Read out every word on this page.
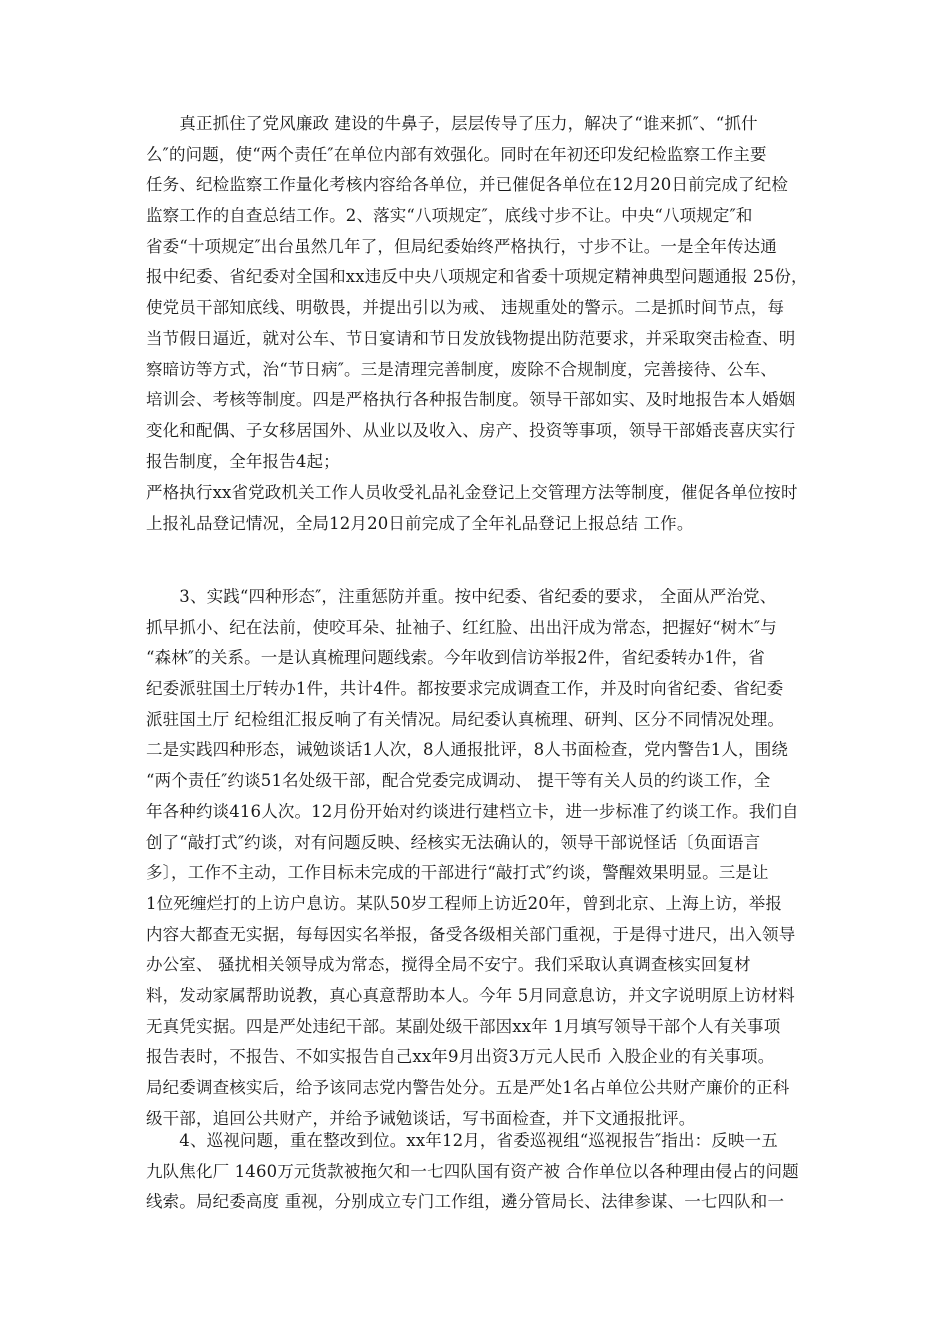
　　真正抓住了党风廉政 建设的牛鼻子，层层传导了压力，解决了“谁来抓″、“抓什
么″的问题，使“两个责任″在单位内部有效强化。同时在年初还印发纪检监察工作主要
任务、纪检监察工作量化考核内容给各单位，并已催促各单位在12月20日前完成了纪检
监察工作的自查总结工作。2、落实“八项规定″，底线寸步不让。中央“八项规定″和
省委“十项规定″出台虽然几年了，但局纪委始终严格执行，寸步不让。一是全年传达通
报中纪委、省纪委对全国和xx违反中央八项规定和省委十项规定精神典型问题通报 25份，
使党员干部知底线、明敬畏，并提出引以为戒、 违规重处的警示。二是抓时间节点，每
当节假日逼近，就对公车、节日宴请和节日发放钱物提出防范要求，并采取突击检查、明
察暗访等方式，治“节日病″。三是清理完善制度，废除不合规制度，完善接待、公车、
培训会、考核等制度。四是严格执行各种报告制度。领导干部如实、及时地报告本人婚姻
变化和配偶、子女移居国外、从业以及收入、房产、投资等事项，领导干部婚丧喜庆实行
报告制度，全年报告4起；
严格执行xx省党政机关工作人员收受礼品礼金登记上交管理方法等制度，催促各单位按时
上报礼品登记情况，全局12月20日前完成了全年礼品登记上报总结 工作。
　　3、实践“四种形态″，注重惩防并重。按中纪委、省纪委的要求， 全面从严治党、
抓早抓小、纪在法前，使咬耳朵、扯袖子、红红脸、出出汗成为常态，把握好“树木″与
“森林″的关系。一是认真梳理问题线索。今年收到信访举报2件，省纪委转办1件，省
纪委派驻国土厅转办1件，共计4件。都按要求完成调查工作，并及时向省纪委、省纪委
派驻国土厅 纪检组汇报反响了有关情况。局纪委认真梳理、研判、区分不同情况处理。
二是实践四种形态，诫勉谈话1人次，8人通报批评，8人书面检查，党内警告1人，围绕
“两个责任″约谈51名处级干部，配合党委完成调动、 提干等有关人员的约谈工作，全
年各种约谈416人次。12月份开始对约谈进行建档立卡，进一步标准了约谈工作。我们自
创了“敲打式″约谈，对有问题反映、经核实无法确认的，领导干部说怪话〔负面语言
多〕，工作不主动，工作目标未完成的干部进行“敲打式″约谈，警醒效果明显。三是让
1位死缠烂打的上访户息访。某队50岁工程师上访近20年，曾到北京、上海上访，举报
内容大都查无实据，每每因实名举报，备受各级相关部门重视，于是得寸进尺，出入领导
办公室、 骚扰相关领导成为常态，搅得全局不安宁。我们采取认真调查核实回复材
料，发动家属帮助说教，真心真意帮助本人。今年 5月同意息访，并文字说明原上访材料
无真凭实据。四是严处违纪干部。某副处级干部因xx年 1月填写领导干部个人有关事项
报告表时，不报告、不如实报告自己xx年9月出资3万元人民币 入股企业的有关事项。
局纪委调查核实后，给予该同志党内警告处分。五是严处1名占单位公共财产廉价的正科
级干部，追回公共财产，并给予诫勉谈话，写书面检查，并下文通报批评。
　　4、巡视问题，重在整改到位。xx年12月，省委巡视组“巡视报告″指出：反映一五
九队焦化厂 1460万元货款被拖欠和一七四队国有资产被 合作单位以各种理由侵占的问题
线索。局纪委高度 重视，分别成立专门工作组，遴分管局长、法律参谋、一七四队和一
